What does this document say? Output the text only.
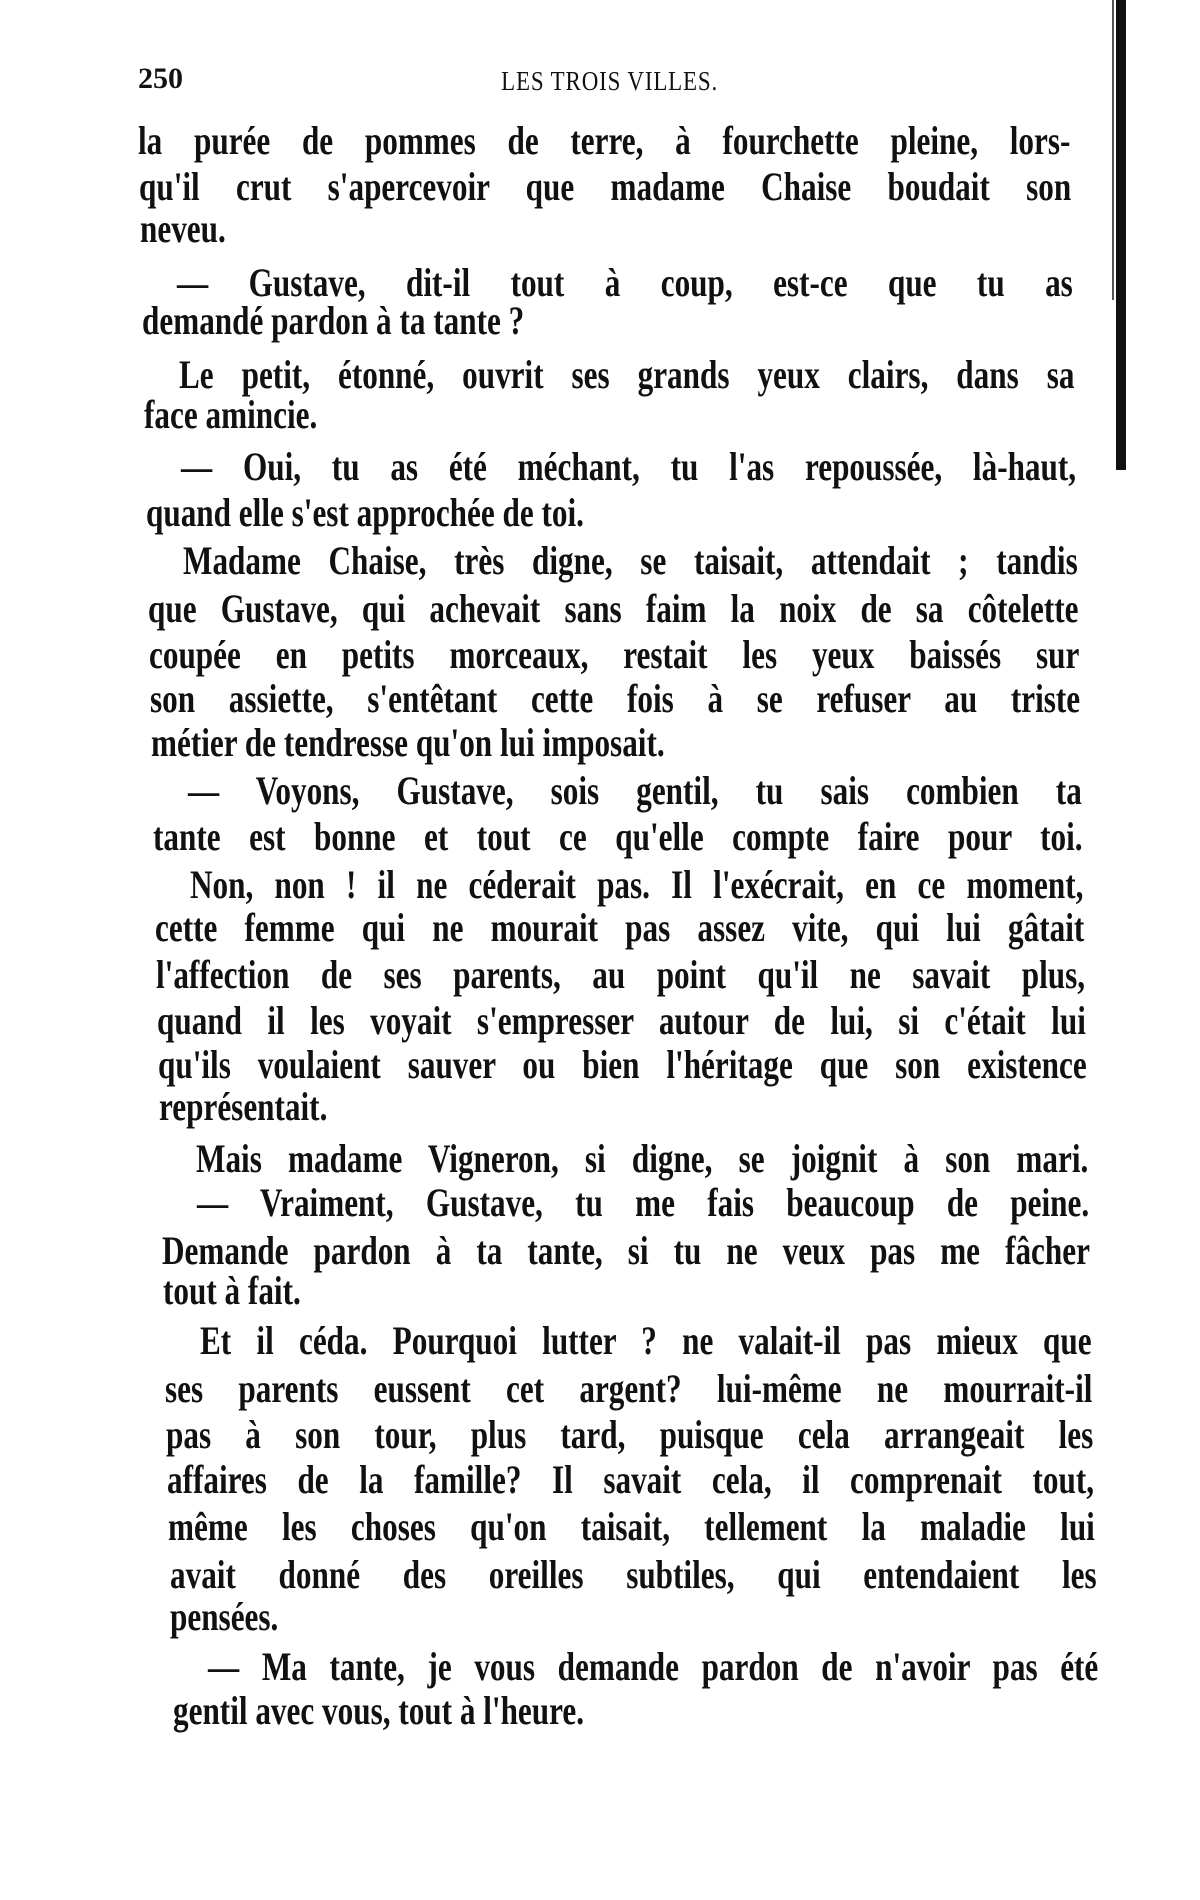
250	LES TROIS VILLES.
la purée de pommes de terre, à fourchette pleine, lors-
qu'il crut s'apercevoir que madame Chaise boudait son
neveu.
— Gustave, dit-il tout à coup, est-ce que tu as
demandé pardon à ta tante ?
Le petit, étonné, ouvrit ses grands yeux clairs, dans sa
face amincie.
— Oui, tu as été méchant, tu l'as repoussée, là-haut,
quand elle s'est approchée de toi.
Madame Chaise, très digne, se taisait, attendait ; tandis
que Gustave, qui achevait sans faim la noix de sa côtelette
coupée en petits morceaux, restait les yeux baissés sur
son assiette, s'entêtant cette fois à se refuser au triste
métier de tendresse qu'on lui imposait.
— Voyons, Gustave, sois gentil, tu sais combien ta
tante est bonne et tout ce qu'elle compte faire pour toi.
Non, non ! il ne céderait pas. Il l'exécrait, en ce moment,
cette femme qui ne mourait pas assez vite, qui lui gâtait
l'affection de ses parents, au point qu'il ne savait plus,
quand il les voyait s'empresser autour de lui, si c'était lui
qu'ils voulaient sauver ou bien l'héritage que son existence
représentait.
Mais madame Vigneron, si digne, se joignit à son mari.
— Vraiment, Gustave, tu me fais beaucoup de peine.
Demande pardon à ta tante, si tu ne veux pas me fâcher
tout à fait.
Et il céda. Pourquoi lutter ? ne valait-il pas mieux que
ses parents eussent cet argent? lui-même ne mourrait-il
pas à son tour, plus tard, puisque cela arrangeait les
affaires de la famille? Il savait cela, il comprenait tout,
même les choses qu'on taisait, tellement la maladie lui
avait donné des oreilles subtiles, qui entendaient les
pensées.
— Ma tante, je vous demande pardon de n'avoir pas été
gentil avec vous, tout à l'heure.
